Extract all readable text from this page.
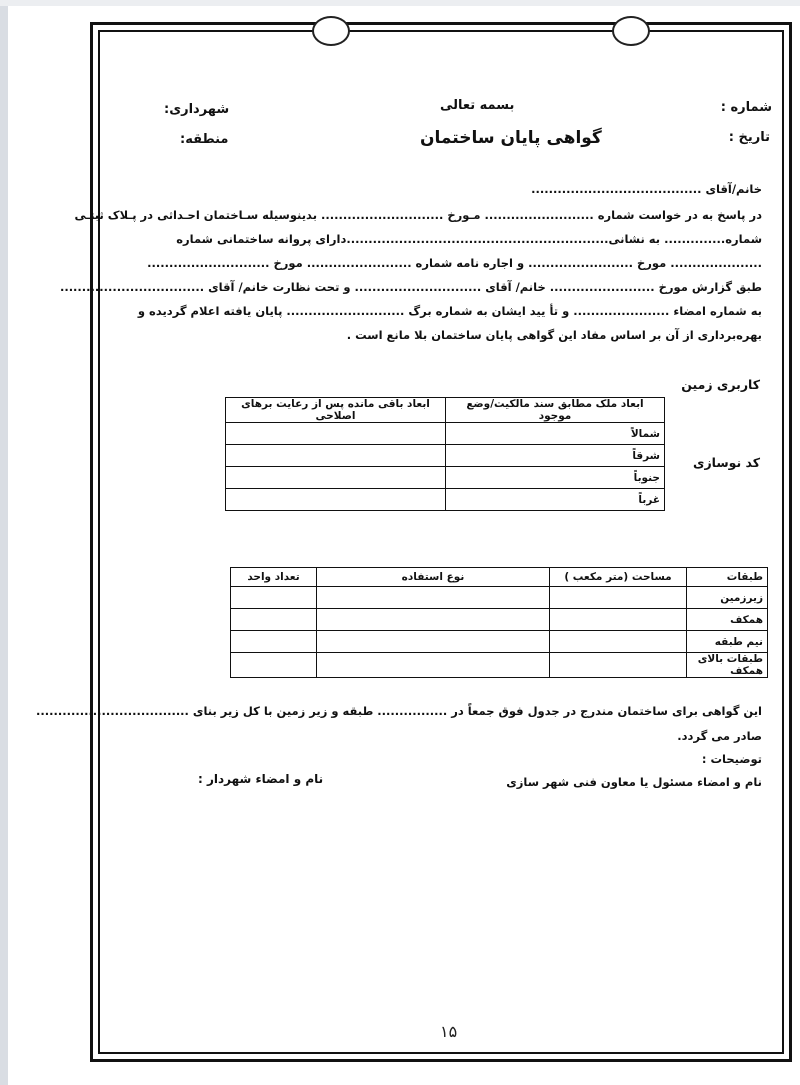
بسمه تعالی
گواهی پایان ساختمان
شماره :
تاریخ :
شهرداری:
منطقه:
خانم/آقای .......................................
در پاسخ به در خواست شماره ......................... مـورخ ............................ بدینوسیله سـاختمان احـداثی در پـلاک ثبتـی
شماره.............. به نشانی............................................................دارای پروانه ساختمانی شماره
..................... مورخ ........................ و اجاره نامه شماره ........................ مورخ ............................
طبق گزارش مورخ ........................ خانم/ آقای ............................. و تحت نظارت خانم/ آقای .................................
به شماره امضاء ...................... و تأ یید ایشان به شماره برگ ........................... پایان یافته اعلام گردیده و
بهره‌برداری از آن بر اساس مفاد این گواهی پایان ساختمان بلا مانع است .
کاربری زمین
کد نوسازی
ابعاد ملک مطابق سند مالکیت/وضع موجود	ابعاد باقی مانده پس از رعایت برهای اصلاحی
شمالاً	
شرقاً	
جنوباً	
غرباً	
طبقات	مساحت (متر مکعب )	نوع استفاده	تعداد واحد
زیرزمین			
همکف			
نیم طبقه			
طبقات بالای همکف			
این گواهی برای ساختمان مندرج در جدول فوق جمعاً در ................ طبقه و زیر زمین با کل زیر بنای ...................................
صادر می گردد.
توضیحات :
نام و امضاء مسئول یا معاون فنی شهر سازی
نام و امضاء شهردار :
۱۵
